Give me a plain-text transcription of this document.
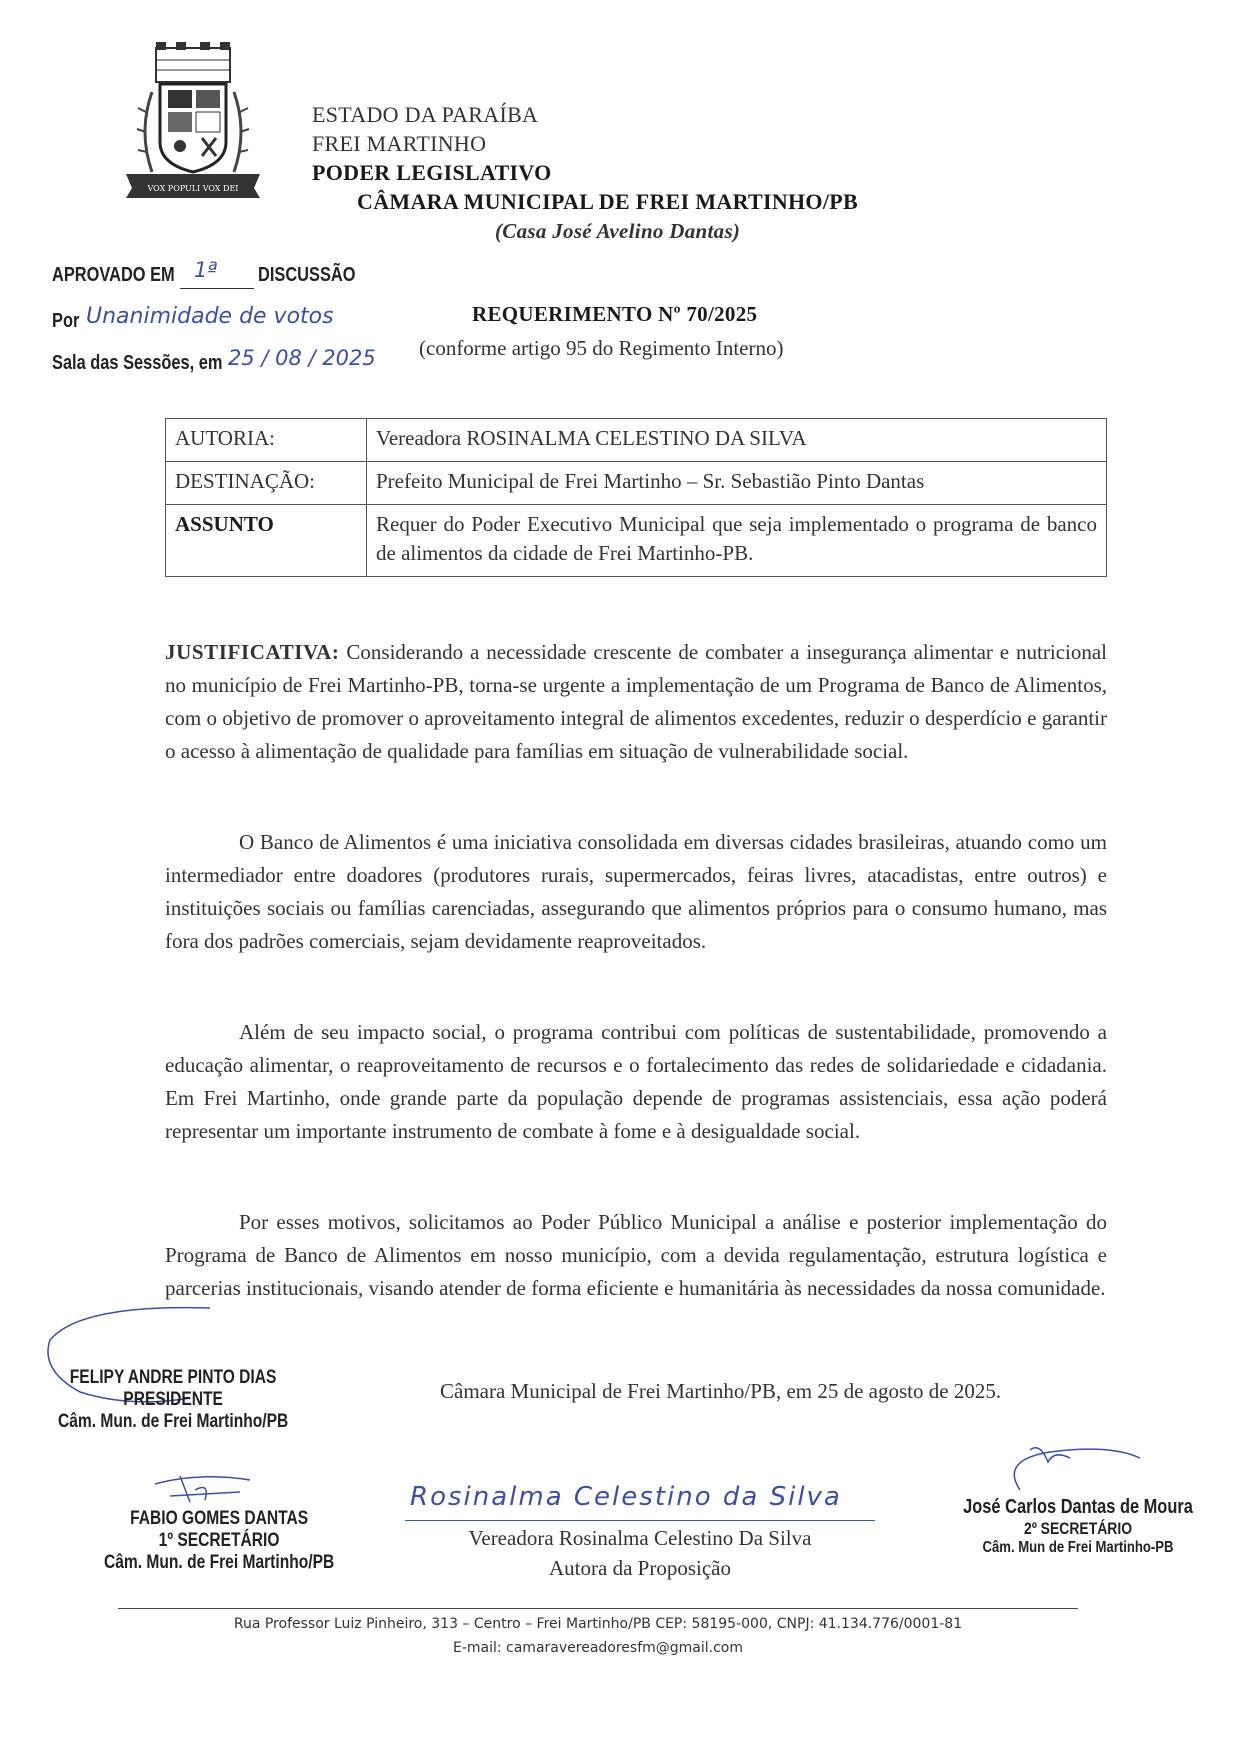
VOX POPULI VOX DEI
ESTADO DA PARAÍBA
FREI MARTINHO
PODER LEGISLATIVO
CÂMARA MUNICIPAL DE FREI MARTINHO/PB
(Casa José Avelino Dantas)
APROVADO EM 1ª DISCUSSÃO
Por Unanimidade de votos
Sala das Sessões, em 25 / 08 / 2025
REQUERIMENTO Nº 70/2025
(conforme artigo 95 do Regimento Interno)
AUTORIA:	Vereadora ROSINALMA CELESTINO DA SILVA
DESTINAÇÃO:	Prefeito Municipal de Frei Martinho – Sr. Sebastião Pinto Dantas
ASSUNTO	Requer do Poder Executivo Municipal que seja implementado o programa de banco de alimentos da cidade de Frei Martinho-PB.
JUSTIFICATIVA: Considerando a necessidade crescente de combater a insegurança alimentar e nutricional no município de Frei Martinho-PB, torna-se urgente a implementação de um Programa de Banco de Alimentos, com o objetivo de promover o aproveitamento integral de alimentos excedentes, reduzir o desperdício e garantir o acesso à alimentação de qualidade para famílias em situação de vulnerabilidade social.
O Banco de Alimentos é uma iniciativa consolidada em diversas cidades brasileiras, atuando como um intermediador entre doadores (produtores rurais, supermercados, feiras livres, atacadistas, entre outros) e instituições sociais ou famílias carenciadas, assegurando que alimentos próprios para o consumo humano, mas fora dos padrões comerciais, sejam devidamente reaproveitados.
Além de seu impacto social, o programa contribui com políticas de sustentabilidade, promovendo a educação alimentar, o reaproveitamento de recursos e o fortalecimento das redes de solidariedade e cidadania. Em Frei Martinho, onde grande parte da população depende de programas assistenciais, essa ação poderá representar um importante instrumento de combate à fome e à desigualdade social.
Por esses motivos, solicitamos ao Poder Público Municipal a análise e posterior implementação do Programa de Banco de Alimentos em nosso município, com a devida regulamentação, estrutura logística e parcerias institucionais, visando atender de forma eficiente e humanitária às necessidades da nossa comunidade.
Câmara Municipal de Frei Martinho/PB, em 25 de agosto de 2025.
FELIPY ANDRE PINTO DIAS
PRESIDENTE
Câm. Mun. de Frei Martinho/PB
FABIO GOMES DANTAS
1º SECRETÁRIO
Câm. Mun. de Frei Martinho/PB
Rosinalma Celestino da Silva
Vereadora Rosinalma Celestino Da Silva
Autora da Proposição
José Carlos Dantas de Moura
2º SECRETÁRIO
Câm. Mun de Frei Martinho-PB
Rua Professor Luiz Pinheiro, 313 – Centro – Frei Martinho/PB CEP: 58195-000, CNPJ: 41.134.776/0001-81
E-mail: camaravereadoresfm@gmail.com
